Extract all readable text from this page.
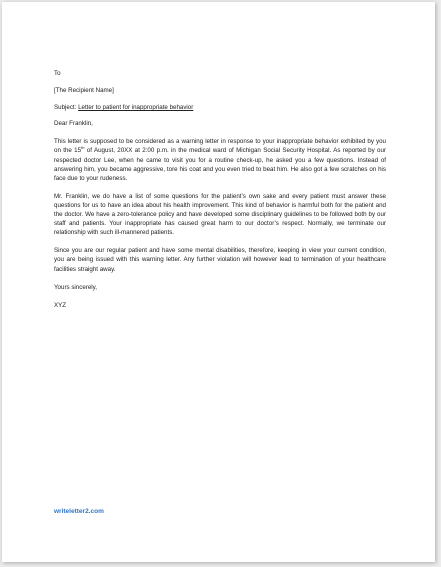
To

[The Recipient Name]

Subject: Letter to patient for inappropriate behavior

Dear Franklin,

This letter is supposed to be considered as a warning letter in response to your inappropriate behavior exhibited by you on the 15th of August, 20XX at 2:00 p.m. in the medical ward of Michigan Social Security Hospital. As reported by our respected doctor Lee, when he came to visit you for a routine check-up, he asked you a few questions. Instead of answering him, you became aggressive, tore his coat and you even tried to beat him. He also got a few scratches on his face due to your rudeness.

Mr. Franklin, we do have a list of some questions for the patient’s own sake and every patient must answer these questions for us to have an idea about his health improvement. This kind of behavior is harmful both for the patient and the doctor. We have a zero-tolerance policy and have developed some disciplinary guidelines to be followed both by our staff and patients. Your inappropriate has caused great harm to our doctor’s respect. Normally, we terminate our relationship with such ill-mannered patients.

Since you are our regular patient and have some mental disabilities, therefore, keeping in view your current condition, you are being issued with this warning letter. Any further violation will however lead to termination of your healthcare facilities straight away.

Yours sincerely,

XYZ

writeletter2.com
